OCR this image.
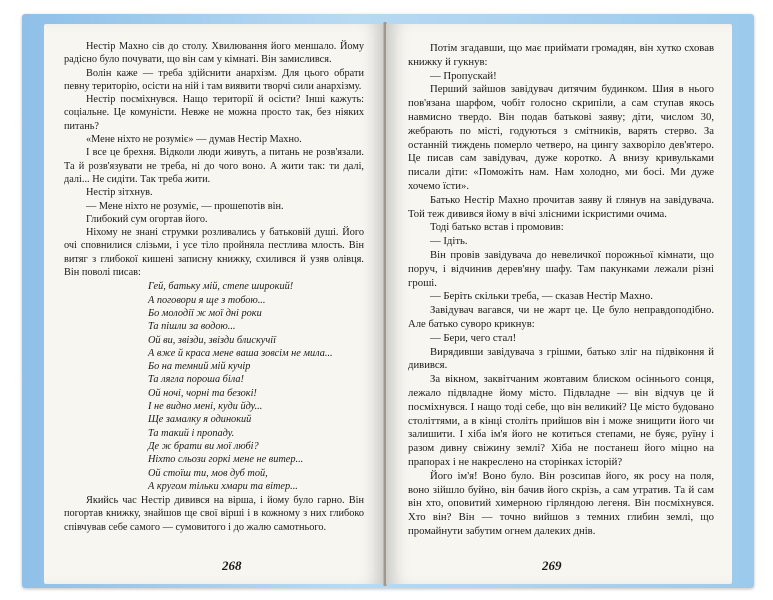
Нестір Махно сів до столу. Хвилювання його меншало. Йому радісно було почувати, що він сам у кімнаті. Він замислився.

Волін каже — треба здійснити анархізм. Для цього обрати певну територію, осісти на ній і там виявити творчі сили анархізму.

Нестір посміхнувся. Нащо території й осісти? Інші кажуть: соціальне. Це комуністи. Невже не можна просто так, без ніяких питань?

«Мене ніхто не розуміє» — думав Нестір Махно.

І все це брехня. Відколи люди живуть, а питань не розв'язали. Та й розв'язувати не треба, ні до чого воно. А жити так: ти далі, далі... Не сидіти. Так треба жити.

Нестір зітхнув.

— Мене ніхто не розуміє, — прошепотів він.

Глибокий сум огортав його.

Ніхому не знані струмки розливались у батьковій душі. Його очі сповнилися слізьми, і усе тіло пройняла пестлива млость. Він витяг з глибокої кишені записну книжку, схилився й узяв олівця. Він поволі писав:

Гей, батьку мій, степе широкий!
А поговори я ще з тобою...
Бо молодії ж мої дні роки
Та пішли за водою...
Ой ви, звізди, звізди блискучії
А вже й краса мене ваша зовсім не мила...
Бо на темний мій кучір
Та лягла пороша біла!
Ой ночі, чорні та безокі!
І не видно мені, куди йду...
Ще замалку я одинокий
Та такий і пропаду.
Де ж брати ви мої любі?
Ніхто сльози горкі мене не витер...
Ой стоїш ти, мов дуб той,
А кругом тільки хмари та вітер...

Якийсь час Нестір дивився на вірша, і йому було гарно. Він погортав книжку, знайшов ще свої вірші і в кожному з них глибоко співчував себе самого — сумовитого і до жалю самотнього.

268

Потім згадавши, що має приймати громадян, він хутко сховав книжку й гукнув:

— Пропускай!

Перший зайшов завідувач дитячим будинком. Шия в нього пов'язана шарфом, чобіт голосно скрипіли, а сам ступав якось навмисно твердо. Він подав батькові заяву; діти, числом 30, жебрають по місті, годуються з смітників, варять стерво. За останній тиждень померло четверо, на цингу захворіло дев'ятеро. Це писав сам завідувач, дуже коротко. А внизу кривульками писали діти: «Поможіть нам. Нам холодно, ми босі. Ми дуже хочемо їсти».

Батько Нестір Махно прочитав заяву й глянув на завідувача. Той теж дивився йому в вічі злісними іскристими очима.

Тоді батько встав і промовив:

— Ідіть.

Він провів завідувача до невеличкої порожньої кімнати, що поруч, і відчинив дерев'яну шафу. Там пакунками лежали різні гроші.

— Беріть скільки треба, — сказав Нестір Махно.

Завідувач вагався, чи не жарт це. Це було неправдоподібно. Але батько суворо крикнув:

— Бери, чего стал!

Вирядивши завідувача з грішми, батько зліг на підвіконня й дивився.

За вікном, заквітчаним жовтавим блиском осіннього сонця, лежало підвладне йому місто. Підвладне — він відчув це й посміхнувся. І нащо тоді себе, що він великий? Це місто будовано століттями, а в кінці століть прийшов він і може знищити його чи залишити. І хіба ім'я його не котиться степами, не буяє, руїну і разом дивну свіжину землі? Хіба не постанеш його міцно на прапорах і не накреслено на сторінках історій?

Його ім'я! Воно було. Він розсипав його, як росу на поля, воно зійшло буйно, він бачив його скрізь, а сам утратив. Та й сам він хто, оповитий химерною гірляндою легеня. Він посміхнувся. Хто він? Він — точно вийшов з темних глибин землі, що промайнути забутим огнем далеких днів.

269
